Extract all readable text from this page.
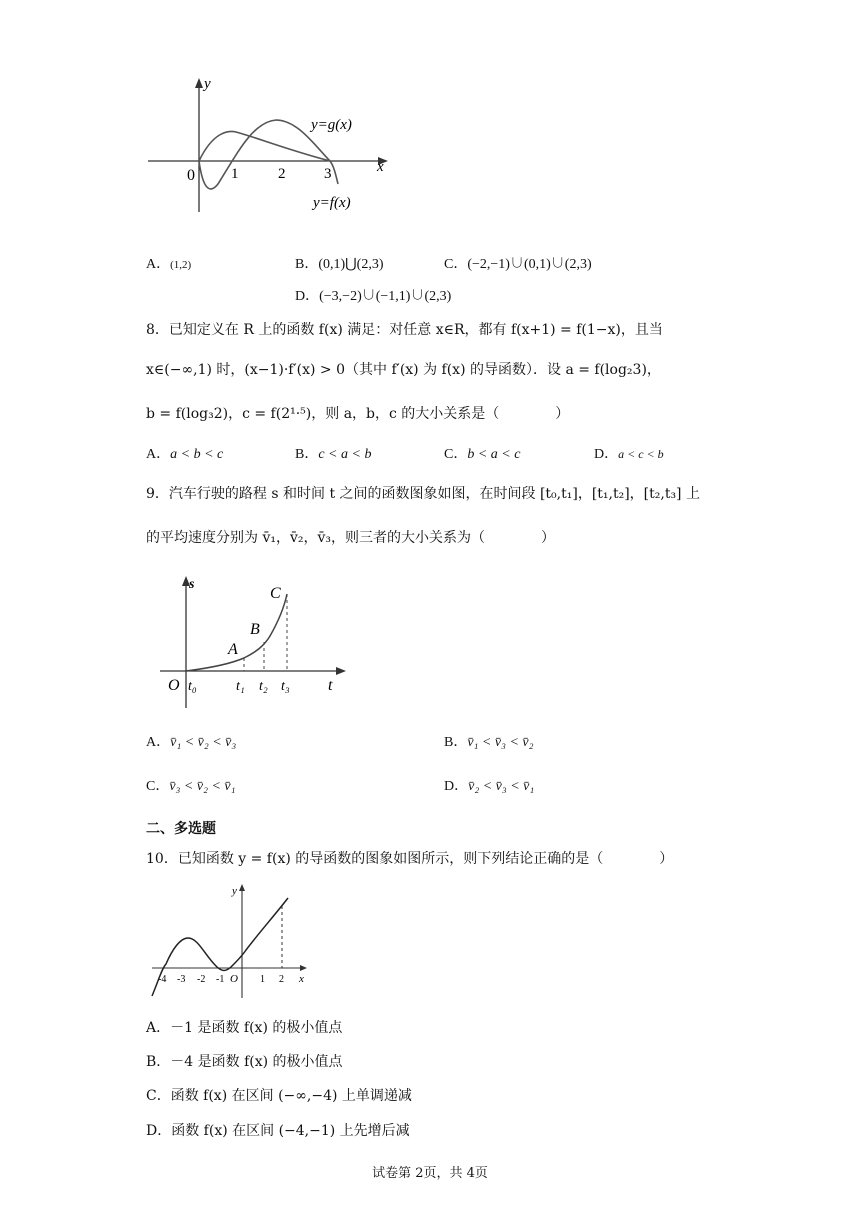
y
x
0 1	2	3
y=g(x)
y=f(x)
A．(1,2)	B．(0,1)⋃(2,3)	C．(−2,−1)∪(0,1)∪(2,3)
D．(−3,−2)∪(−1,1)∪(2,3)
8．已知定义在 R 上的函数 f(x) 满足：对任意 x∈R，都有 f(x+1) = f(1−x)，且当
x∈(−∞,1) 时，(x−1)·f′(x) > 0（其中 f′(x) 为 f(x) 的导函数）．设 a = f(log₂3)，
b = f(log₃2)，c = f(2¹·⁵)，则 a，b，c 的大小关系是（　　　　）
A．a < b < c	B．c < a < b	C．b < a < c	D．a < c < b
9．汽车行驶的路程 s 和时间 t 之间的函数图象如图，在时间段 [t₀,t₁]，[t₁,t₂]，[t₂,t₃] 上
的平均速度分别为 v̄₁，v̄₂，v̄₃，则三者的大小关系为（　　　　）
s
t
O
A
B
C
t₀	t₁ t₂ t₃
A．v̄₁ < v̄₂ < v̄₃	B．v̄₁ < v̄₃ < v̄₂
C．v̄₃ < v̄₂ < v̄₁	D．v̄₂ < v̄₃ < v̄₁
二、多选题
10．已知函数 y = f(x) 的导函数的图象如图所示，则下列结论正确的是（　　　　）
y
x
O
-4 -3 -2 -1	1 2
A．－1 是函数 f(x) 的极小值点
B．－4 是函数 f(x) 的极小值点
C．函数 f(x) 在区间 (−∞,−4) 上单调递减
D．函数 f(x) 在区间 (−4,−1) 上先增后减
试卷第 2页，共 4页
